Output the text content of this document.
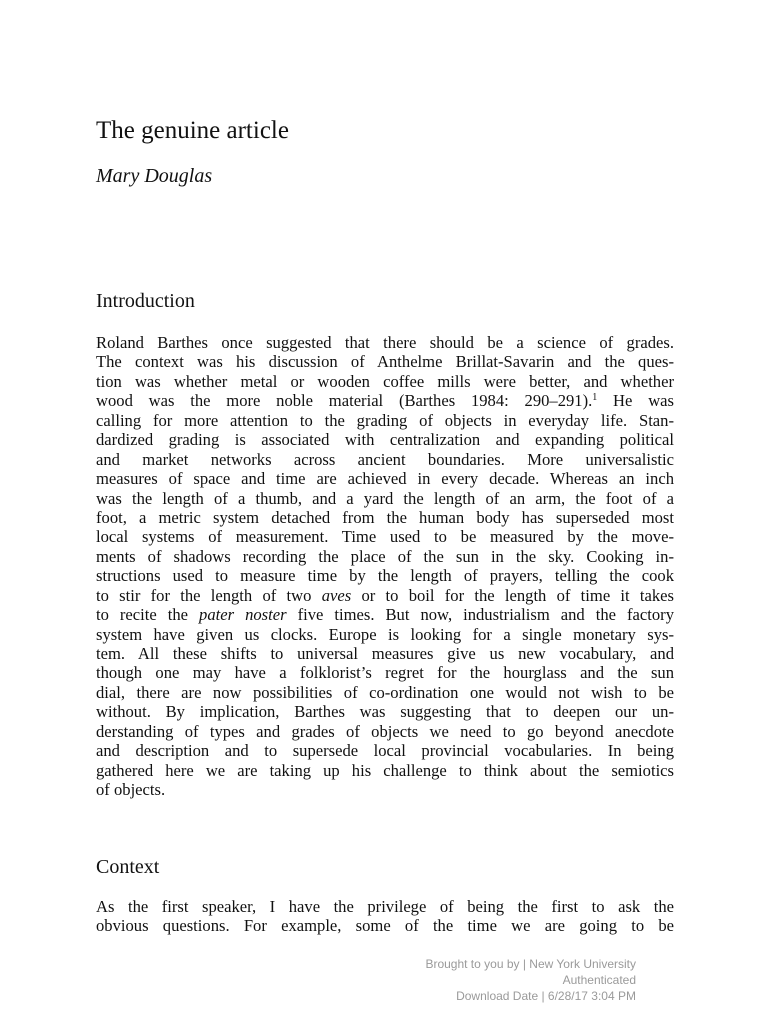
The genuine article
Mary Douglas
Introduction
Roland Barthes once suggested that there should be a science of grades.
The context was his discussion of Anthelme Brillat-Savarin and the ques-
tion was whether metal or wooden coffee mills were better, and whether
wood was the more noble material (Barthes 1984: 290–291).$^1$ He was
calling for more attention to the grading of objects in everyday life. Stan-
dardized grading is associated with centralization and expanding political
and market networks across ancient boundaries. More universalistic
measures of space and time are achieved in every decade. Whereas an inch
was the length of a thumb, and a yard the length of an arm, the foot of a
foot, a metric system detached from the human body has superseded most
local systems of measurement. Time used to be measured by the move-
ments of shadows recording the place of the sun in the sky. Cooking in-
structions used to measure time by the length of prayers, telling the cook
to stir for the length of two aves or to boil for the length of time it takes
to recite the pater noster five times. But now, industrialism and the factory
system have given us clocks. Europe is looking for a single monetary sys-
tem. All these shifts to universal measures give us new vocabulary, and
though one may have a folklorist’s regret for the hourglass and the sun
dial, there are now possibilities of co-ordination one would not wish to be
without. By implication, Barthes was suggesting that to deepen our un-
derstanding of types and grades of objects we need to go beyond anecdote
and description and to supersede local provincial vocabularies. In being
gathered here we are taking up his challenge to think about the semiotics
of objects.
Context
As the first speaker, I have the privilege of being the first to ask the
obvious questions. For example, some of the time we are going to be
Brought to you by | New York University
Authenticated
Download Date | 6/28/17 3:04 PM
